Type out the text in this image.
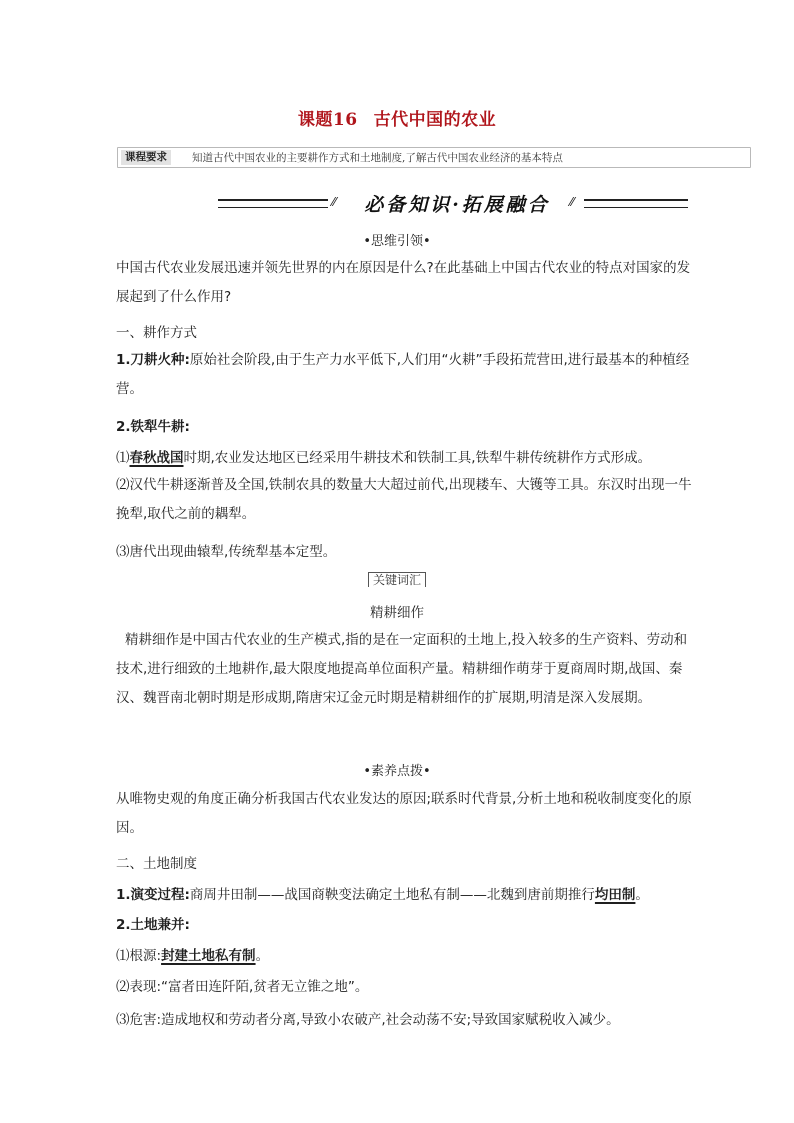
课题16 古代中国的农业
课程要求	知道古代中国农业的主要耕作方式和土地制度,了解古代中国农业经济的基本特点
⁄⁄	必备知识·拓展融合	⁄⁄
•思维引领•
中国古代农业发展迅速并领先世界的内在原因是什么?在此基础上中国古代农业的特点对国家的发展起到了什么作用?
一、耕作方式
1.刀耕火种:原始社会阶段,由于生产力水平低下,人们用“火耕”手段拓荒营田,进行最基本的种植经营。
2.铁犁牛耕:
⑴春秋战国时期,农业发达地区已经采用牛耕技术和铁制工具,铁犁牛耕传统耕作方式形成。
⑵汉代牛耕逐渐普及全国,铁制农具的数量大大超过前代,出现耧车、大镬等工具。东汉时出现一牛挽犁,取代之前的耦犁。
⑶唐代出现曲辕犁,传统犁基本定型。
关键词汇
精耕细作
精耕细作是中国古代农业的生产模式,指的是在一定面积的土地上,投入较多的生产资料、劳动和技术,进行细致的土地耕作,最大限度地提高单位面积产量。精耕细作萌芽于夏商周时期,战国、秦汉、魏晋南北朝时期是形成期,隋唐宋辽金元时期是精耕细作的扩展期,明清是深入发展期。
•素养点拨•
从唯物史观的角度正确分析我国古代农业发达的原因;联系时代背景,分析土地和税收制度变化的原因。
二、土地制度
1.演变过程:商周井田制——战国商鞅变法确定土地私有制——北魏到唐前期推行均田制。
2.土地兼并:
⑴根源:封建土地私有制。
⑵表现:“富者田连阡陌,贫者无立锥之地”。
⑶危害:造成地权和劳动者分离,导致小农破产,社会动荡不安;导致国家赋税收入减少。
